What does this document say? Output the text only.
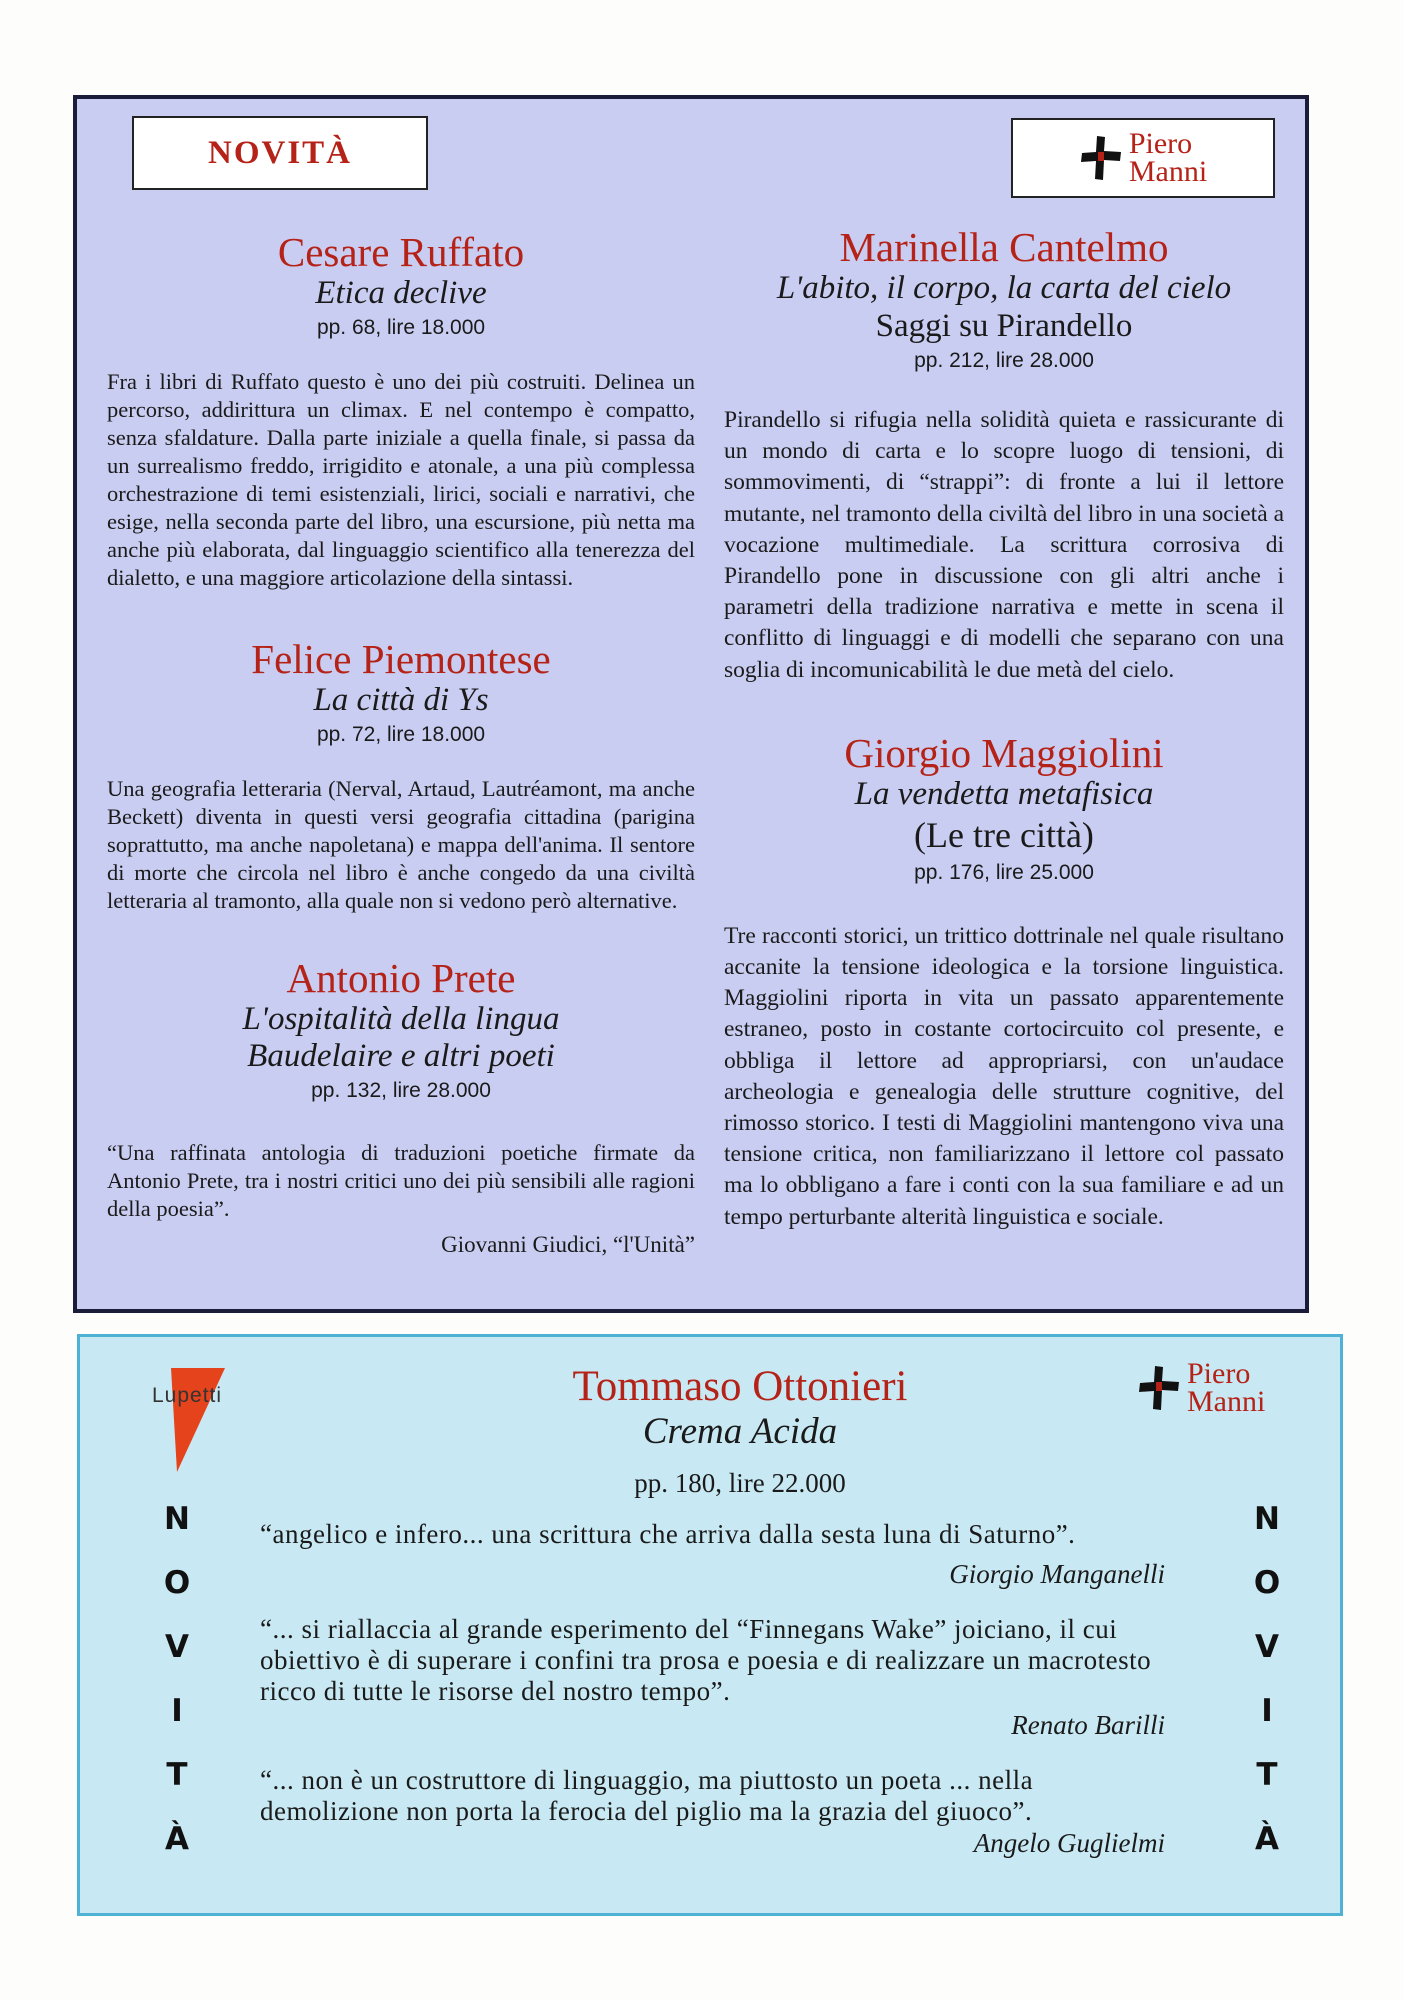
NOVITÀ	Piero
Manni
Cesare Ruffato
Etica declive
pp. 68, lire 18.000
Fra i libri di Ruffato questo è uno dei più costruiti. Delinea un percorso, addirittura un climax. E nel contempo è compatto, senza sfaldature. Dalla parte iniziale a quella finale, si passa da un surrealismo freddo, irrigidito e atonale, a una più complessa orchestrazione di temi esistenziali, lirici, sociali e narrativi, che esige, nella seconda parte del libro, una escursione, più netta ma anche più elaborata, dal linguaggio scientifico alla tenerezza del dialetto, e una maggiore articolazione della sintassi.
Felice Piemontese
La città di Ys
pp. 72, lire 18.000
Una geografia letteraria (Nerval, Artaud, Lautréamont, ma anche Beckett) diventa in questi versi geografia cittadina (parigina soprattutto, ma anche napoletana) e mappa dell'anima. Il sentore di morte che circola nel libro è anche congedo da una civiltà letteraria al tramonto, alla quale non si vedono però alternative.
Antonio Prete
L'ospitalità della lingua
Baudelaire e altri poeti
pp. 132, lire 28.000
“Una raffinata antologia di traduzioni poetiche firmate da Antonio Prete, tra i nostri critici uno dei più sensibili alle ragioni della poesia”.
Giovanni Giudici, “l'Unità”
Marinella Cantelmo
L'abito, il corpo, la carta del cielo
Saggi su Pirandello
pp. 212, lire 28.000
Pirandello si rifugia nella solidità quieta e rassicurante di un mondo di carta e lo scopre luogo di tensioni, di sommovimenti, di “strappi”: di fronte a lui il lettore mutante, nel tramonto della civiltà del libro in una società a vocazione multimediale. La scrittura corrosiva di Pirandello pone in discussione con gli altri anche i parametri della tradizione narrativa e mette in scena il conflitto di linguaggi e di modelli che separano con una soglia di incomunicabilità le due metà del cielo.
Giorgio Maggiolini
La vendetta metafisica
(Le tre città)
pp. 176, lire 25.000
Tre racconti storici, un trittico dottrinale nel quale risultano accanite la tensione ideologica e la torsione linguistica. Maggiolini riporta in vita un passato apparentemente estraneo, posto in costante cortocircuito col presente, e obbliga il lettore ad appropriarsi, con un'audace archeologia e genealogia delle strutture cognitive, del rimosso storico. I testi di Maggiolini mantengono viva una tensione critica, non familiarizzano il lettore col passato ma lo obbligano a fare i conti con la sua familiare e ad un tempo perturbante alterità linguistica e sociale.
Lupetti
N
O
V
I
T
À
N
O
V
I
T
À
Piero
Manni
Tommaso Ottonieri
Crema Acida
pp. 180, lire 22.000
“angelico e infero... una scrittura che arriva dalla sesta luna di Saturno”.
Giorgio Manganelli
“... si riallaccia al grande esperimento del “Finnegans Wake” joiciano, il cui obiettivo è di superare i confini tra prosa e poesia e di realizzare un macrotesto ricco di tutte le risorse del nostro tempo”.
Renato Barilli
“... non è un costruttore di linguaggio, ma piuttosto un poeta ... nella demolizione non porta la ferocia del piglio ma la grazia del giuoco”.
Angelo Guglielmi
